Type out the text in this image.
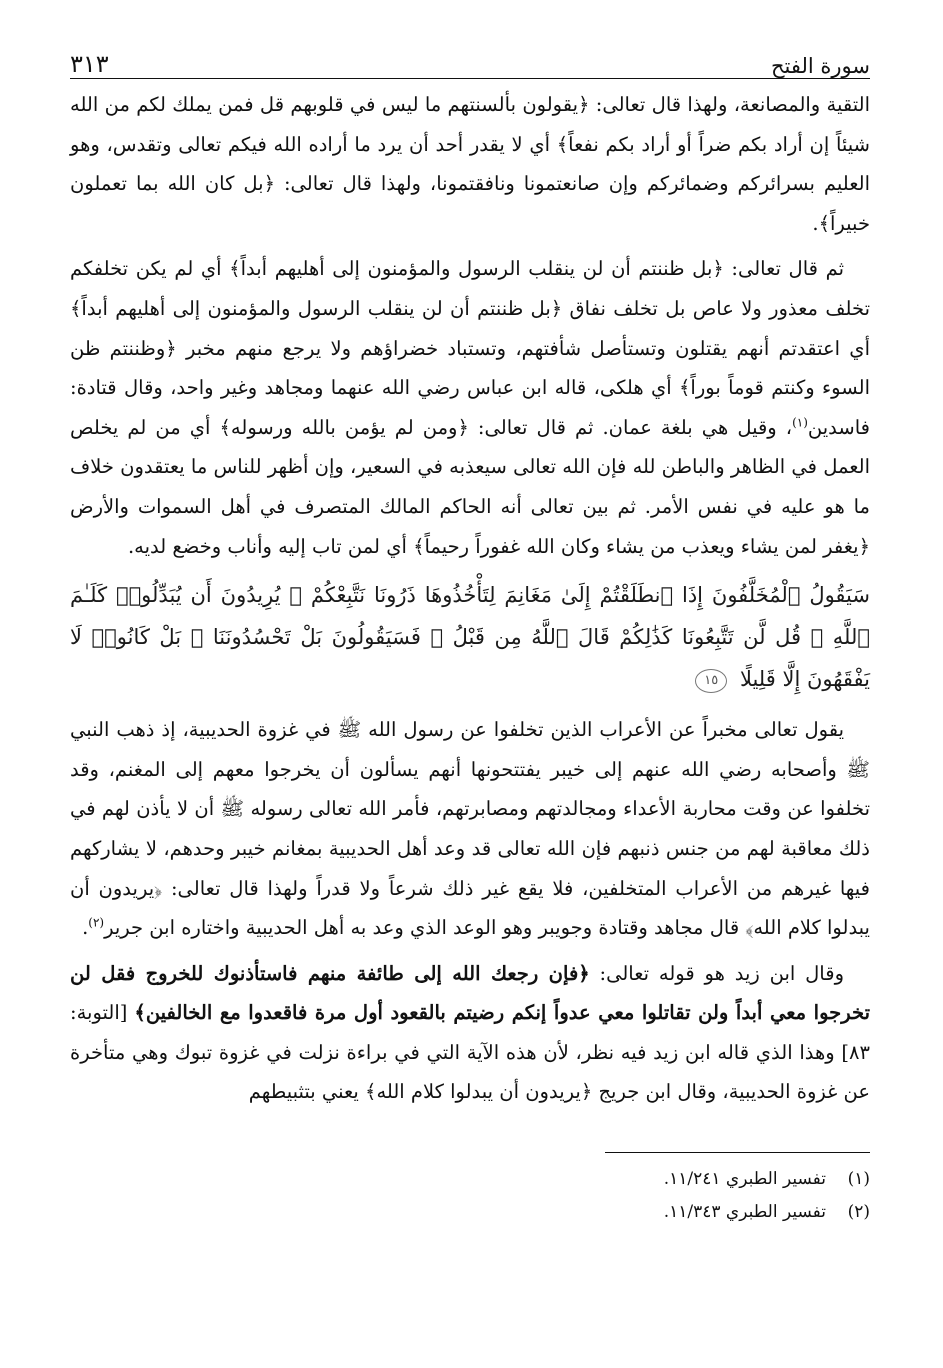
سورة الفتح
٣١٣

التقية والمصانعة، ولهذا قال تعالى: ﴿يقولون بألسنتهم ما ليس في قلوبهم قل فمن يملك لكم من الله شيئاً إن أراد بكم ضراً أو أراد بكم نفعاً﴾ أي لا يقدر أحد أن يرد ما أراده الله فيكم تعالى وتقدس، وهو العليم بسرائركم وضمائركم وإن صانعتمونا ونافقتمونا، ولهذا قال تعالى: ﴿بل كان الله بما تعملون خبيراً﴾.

ثم قال تعالى: ﴿بل ظننتم أن لن ينقلب الرسول والمؤمنون إلى أهليهم أبداً﴾ أي لم يكن تخلفكم تخلف معذور ولا عاص بل تخلف نفاق ﴿بل ظننتم أن لن ينقلب الرسول والمؤمنون إلى أهليهم أبداً﴾ أي اعتقدتم أنهم يقتلون وتستأصل شأفتهم، وتستباد خضراؤهم ولا يرجع منهم مخبر ﴿وظننتم ظن السوء وكنتم قوماً بوراً﴾ أي هلكى، قاله ابن عباس رضي الله عنهما ومجاهد وغير واحد، وقال قتادة: فاسدين$^{(١)}$، وقيل هي بلغة عمان. ثم قال تعالى: ﴿ومن لم يؤمن بالله ورسوله﴾ أي من لم يخلص العمل في الظاهر والباطن لله فإن الله تعالى سيعذبه في السعير، وإن أظهر للناس ما يعتقدون خلاف ما هو عليه في نفس الأمر. ثم بين تعالى أنه الحاكم المالك المتصرف في أهل السموات والأرض ﴿يغفر لمن يشاء ويعذب من يشاء وكان الله غفوراً رحيماً﴾ أي لمن تاب إليه وأناب وخضع لديه.

سَيَقُولُ ٱلْمُخَلَّفُونَ إِذَا ٱنطَلَقْتُمْ إِلَىٰ مَغَانِمَ لِتَأْخُذُوهَا ذَرُونَا نَتَّبِعْكُمْ ۖ يُرِيدُونَ أَن يُبَدِّلُوا۟ كَلَـٰمَ ٱللَّهِ ۚ قُل لَّن تَتَّبِعُونَا كَذَٰلِكُمْ قَالَ ٱللَّهُ مِن قَبْلُ ۖ فَسَيَقُولُونَ بَلْ تَحْسُدُونَنَا ۚ بَلْ كَانُوا۟ لَا يَفْقَهُونَ إِلَّا قَلِيلًا ١٥

يقول تعالى مخبراً عن الأعراب الذين تخلفوا عن رسول الله ﷺ في غزوة الحديبية، إذ ذهب النبي ﷺ وأصحابه رضي الله عنهم إلى خيبر يفتتحونها أنهم يسألون أن يخرجوا معهم إلى المغنم، وقد تخلفوا عن وقت محاربة الأعداء ومجالدتهم ومصابرتهم، فأمر الله تعالى رسوله ﷺ أن لا يأذن لهم في ذلك معاقبة لهم من جنس ذنبهم فإن الله تعالى قد وعد أهل الحديبية بمغانم خيبر وحدهم، لا يشاركهم فيها غيرهم من الأعراب المتخلفين، فلا يقع غير ذلك شرعاً ولا قدراً ولهذا قال تعالى: ﴿يريدون أن يبدلوا كلام الله﴾ قال مجاهد وقتادة وجويبر وهو الوعد الذي وعد به أهل الحديبية واختاره ابن جرير$^{(٢)}$.

وقال ابن زيد هو قوله تعالى: ﴿فإن رجعك الله إلى طائفة منهم فاستأذنوك للخروج فقل لن تخرجوا معي أبداً ولن تقاتلوا معي عدواً إنكم رضيتم بالقعود أول مرة فاقعدوا مع الخالفين﴾ [التوبة: ٨٣] وهذا الذي قاله ابن زيد فيه نظر، لأن هذه الآية التي في براءة نزلت في غزوة تبوك وهي متأخرة عن غزوة الحديبية، وقال ابن جريج ﴿يريدون أن يبدلوا كلام الله﴾ يعني بتثبيطهم

(١)تفسير الطبري ١١/٢٤١.

(٢)تفسير الطبري ١١/٣٤٣.
